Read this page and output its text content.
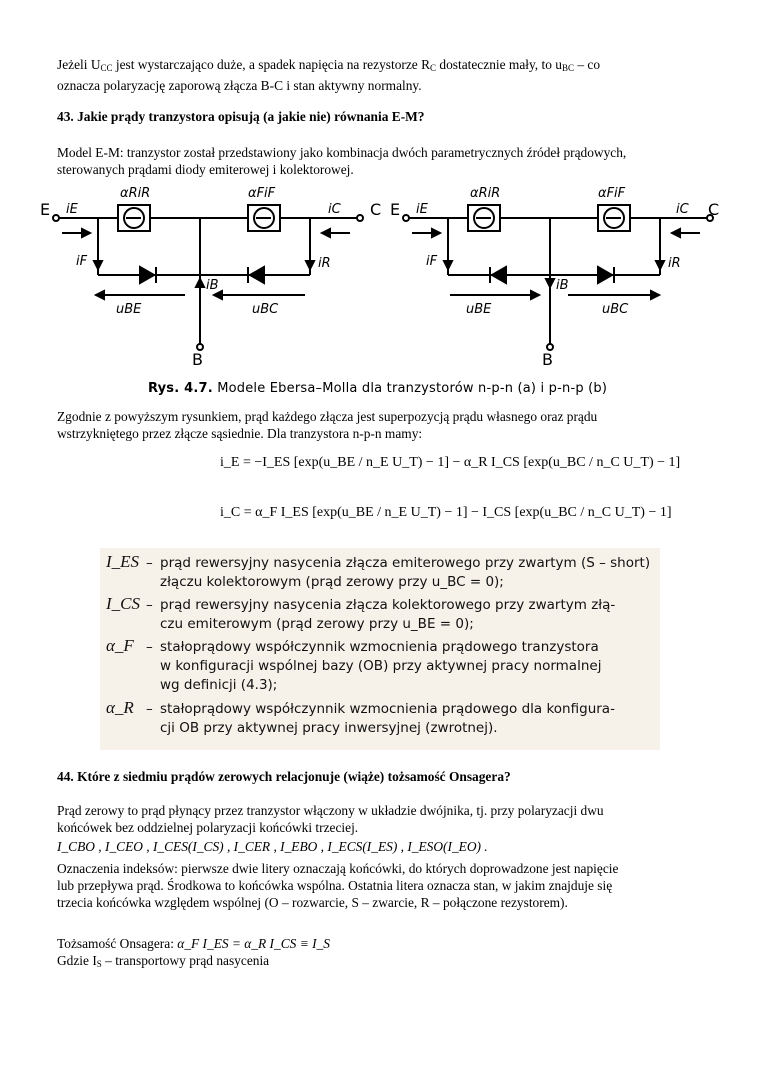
Jeżeli $U_{CC}$ jest wystarczająco duże, a spadek napięcia na rezystorze $R_C$ dostatecznie mały, to $u_{BC}$ – co
oznacza polaryzację zaporową złącza B-C i stan aktywny normalny.
43. Jakie prądy tranzystora opisują (a jakie nie) równania E-M?
Model E-M: tranzystor został przedstawiony jako kombinacja dwóch parametrycznych źródeł prądowych,
sterowanych prądami diody emiterowej i kolektorowej.
E	C
B
iE	iC
iF	iR
iB
uBE	uBC
αRiR	αFiF
E	C
B
iE	iC
iF	iR
iB
uBE	uBC
αRiR	αFiF
Rys. 4.7. Modele Ebersa–Molla dla tranzystorów n-p-n (a) i p-n-p (b)
Zgodnie z powyższym rysunkiem, prąd każdego złącza jest superpozycją prądu własnego oraz prądu
wstrzykniętego przez złącze sąsiednie. Dla tranzystora n-p-n mamy:
i_E = −I_ES [exp(u_BE / n_E U_T) − 1] − α_R I_CS [exp(u_BC / n_C U_T) − 1]
i_C = α_F I_ES [exp(u_BE / n_E U_T) − 1] − I_CS [exp(u_BC / n_C U_T) − 1]
I_ES – prąd rewersyjny nasycenia złącza emiterowego przy zwartym (S – short)
złączu kolektorowym (prąd zerowy przy u_BC = 0);
I_CS – prąd rewersyjny nasycenia złącza kolektorowego przy zwartym złą-
czu emiterowym (prąd zerowy przy u_BE = 0);
α_F – stałoprądowy współczynnik wzmocnienia prądowego tranzystora
w konfiguracji wspólnej bazy (OB) przy aktywnej pracy normalnej
wg definicji (4.3);
α_R – stałoprądowy współczynnik wzmocnienia prądowego dla konfigura-
cji OB przy aktywnej pracy inwersyjnej (zwrotnej).
44. Które z siedmiu prądów zerowych relacjonuje (wiąże) tożsamość Onsagera?
Prąd zerowy to prąd płynący przez tranzystor włączony w układzie dwójnika, tj. przy polaryzacji dwu
końcówek bez oddzielnej polaryzacji końcówki trzeciej.
I_CBO , I_CEO , I_CES(I_CS) , I_CER , I_EBO , I_ECS(I_ES) , I_ESO(I_EO) .
Oznaczenia indeksów: pierwsze dwie litery oznaczają końcówki, do których doprowadzone jest napięcie
lub przepływa prąd. Środkowa to końcówka wspólna. Ostatnia litera oznacza stan, w jakim znajduje się
trzecia końcówka względem wspólnej (O – rozwarcie, S – zwarcie, R – połączone rezystorem).
Tożsamość Onsagera: α_F I_ES = α_R I_CS ≡ I_S
Gdzie $I_S$ – transportowy prąd nasycenia
